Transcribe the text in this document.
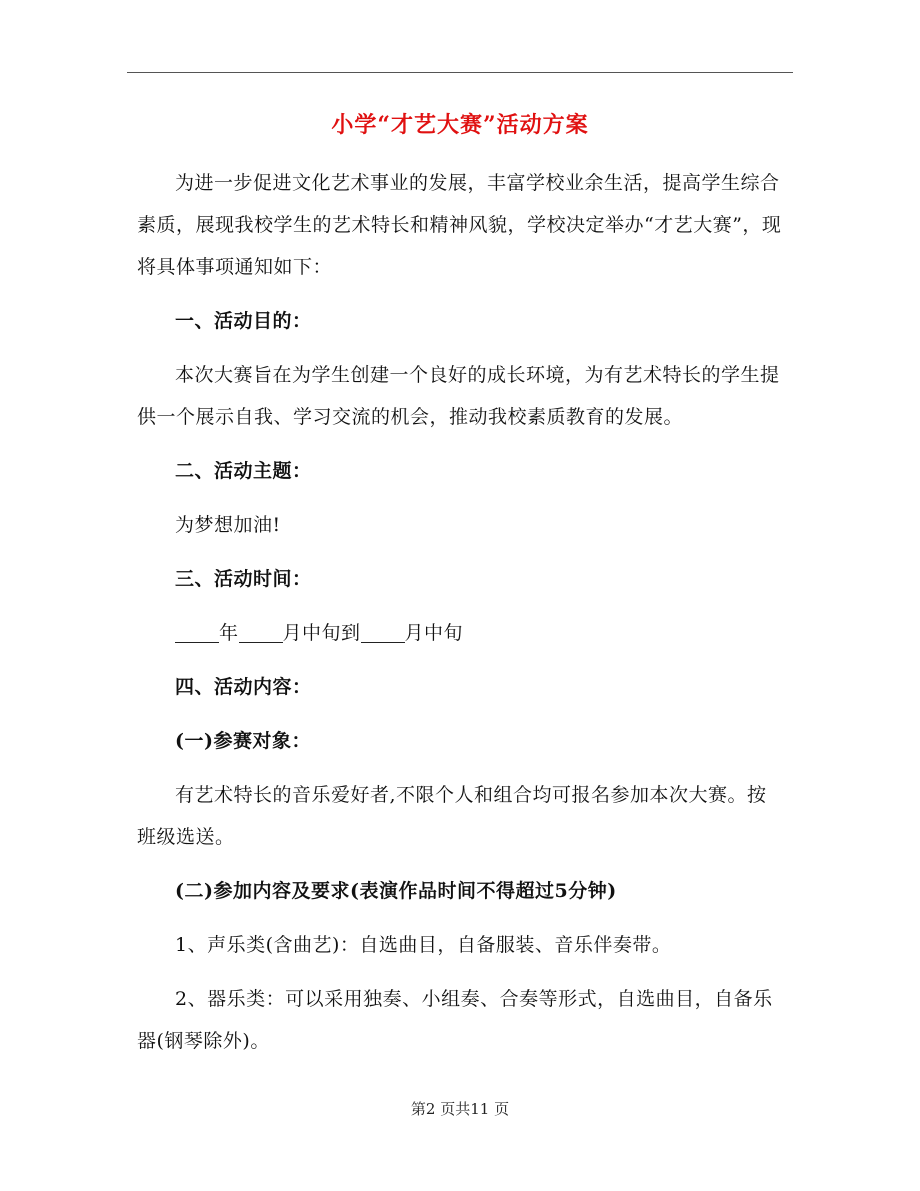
小学“才艺大赛”活动方案

为进一步促进文化艺术事业的发展，丰富学校业余生活，提高学生综合素质，展现我校学生的艺术特长和精神风貌，学校决定举办“才艺大赛”，现将具体事项通知如下：

一、活动目的：

本次大赛旨在为学生创建一个良好的成长环境，为有艺术特长的学生提供一个展示自我、学习交流的机会，推动我校素质教育的发展。

二、活动主题：

为梦想加油!

三、活动时间：

年 月中旬到 月中旬

四、活动内容：

(一)参赛对象：

有艺术特长的音乐爱好者,不限个人和组合均可报名参加本次大赛。按班级选送。

(二)参加内容及要求(表演作品时间不得超过5分钟)

1、声乐类(含曲艺)：自选曲目，自备服装、音乐伴奏带。

2、器乐类：可以采用独奏、小组奏、合奏等形式，自选曲目，自备乐器(钢琴除外)。

第2 页共11 页
